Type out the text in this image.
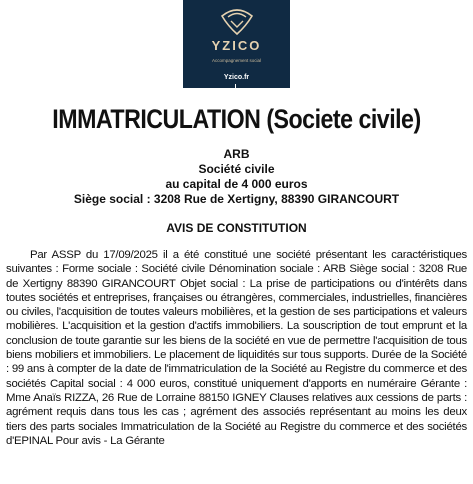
YZICO
Accompagnement social
Yzico.fr
IMMATRICULATION (Societe civile)
ARB
Société civile
au capital de 4 000 euros
Siège social : 3208 Rue de Xertigny, 88390 GIRANCOURT
AVIS DE CONSTITUTION
Par ASSP du 17/09/2025 il a été constitué une société présentant les caractéristiques suivantes : Forme sociale : Société civile Dénomination sociale : ARB Siège social : 3208 Rue de Xertigny 88390 GIRANCOURT Objet social : La prise de participations ou d'intérêts dans toutes sociétés et entreprises, françaises ou étrangères, commerciales, industrielles, financières ou civiles, l'acquisition de toutes valeurs mobilières, et la gestion de ses participations et valeurs mobilières. L'acquisition et la gestion d'actifs immobiliers. La souscription de tout emprunt et la conclusion de toute garantie sur les biens de la société en vue de permettre l'acquisition de tous biens mobiliers et immobiliers. Le placement de liquidités sur tous supports. Durée de la Société : 99 ans à compter de la date de l'immatriculation de la Société au Registre du commerce et des sociétés Capital social : 4 000 euros, constitué uniquement d'apports en numéraire Gérante : Mme Anaïs RIZZA, 26 Rue de Lorraine 88150 IGNEY Clauses relatives aux cessions de parts : agrément requis dans tous les cas ; agrément des associés représentant au moins les deux tiers des parts sociales Immatriculation de la Société au Registre du commerce et des sociétés d'EPINAL Pour avis - La Gérante
